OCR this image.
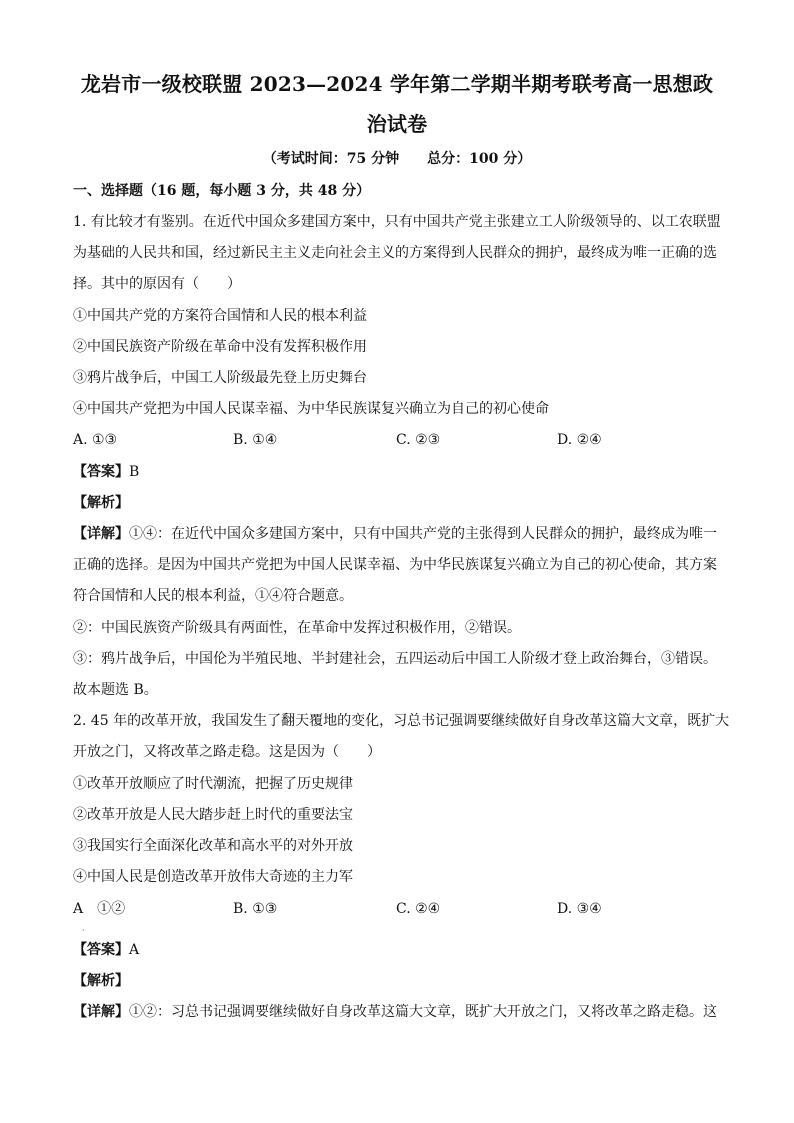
龙岩市一级校联盟 2023—2024 学年第二学期半期考联考高一思想政
治试卷
（考试时间：75 分钟　　总分：100 分）
一、选择题（16 题，每小题 3 分，共 48 分）
1. 有比较才有鉴别。在近代中国众多建国方案中，只有中国共产党主张建立工人阶级领导的、以工农联盟
为基础的人民共和国，经过新民主主义走向社会主义的方案得到人民群众的拥护，最终成为唯一正确的选
择。其中的原因有（　　）
①中国共产党的方案符合国情和人民的根本利益
②中国民族资产阶级在革命中没有发挥积极作用
③鸦片战争后，中国工人阶级最先登上历史舞台
④中国共产党把为中国人民谋幸福、为中华民族谋复兴确立为自己的初心使命
A. ①③	B. ①④	C. ②③	D. ②④
【答案】B
【解析】
【详解】①④：在近代中国众多建国方案中，只有中国共产党的主张得到人民群众的拥护，最终成为唯一
正确的选择。是因为中国共产党把为中国人民谋幸福、为中华民族谋复兴确立为自己的初心使命，其方案
符合国情和人民的根本利益，①④符合题意。
②：中国民族资产阶级具有两面性，在革命中发挥过积极作用，②错误。
③：鸦片战争后，中国伦为半殖民地、半封建社会，五四运动后中国工人阶级才登上政治舞台，③错误。
故本题选 B。
2. 45 年的改革开放，我国发生了翻天覆地的变化，习总书记强调要继续做好自身改革这篇大文章，既扩大
开放之门，又将改革之路走稳。这是因为（　　）
①改革开放顺应了时代潮流，把握了历史规律
②改革开放是人民大踏步赶上时代的重要法宝
③我国实行全面深化改革和高水平的对外开放
④中国人民是创造改革开放伟大奇迹的主力军
A　①②	B. ①③	C. ②④	D. ③④
·
【答案】A
【解析】
【详解】①②：习总书记强调要继续做好自身改革这篇大文章，既扩大开放之门，又将改革之路走稳。这
